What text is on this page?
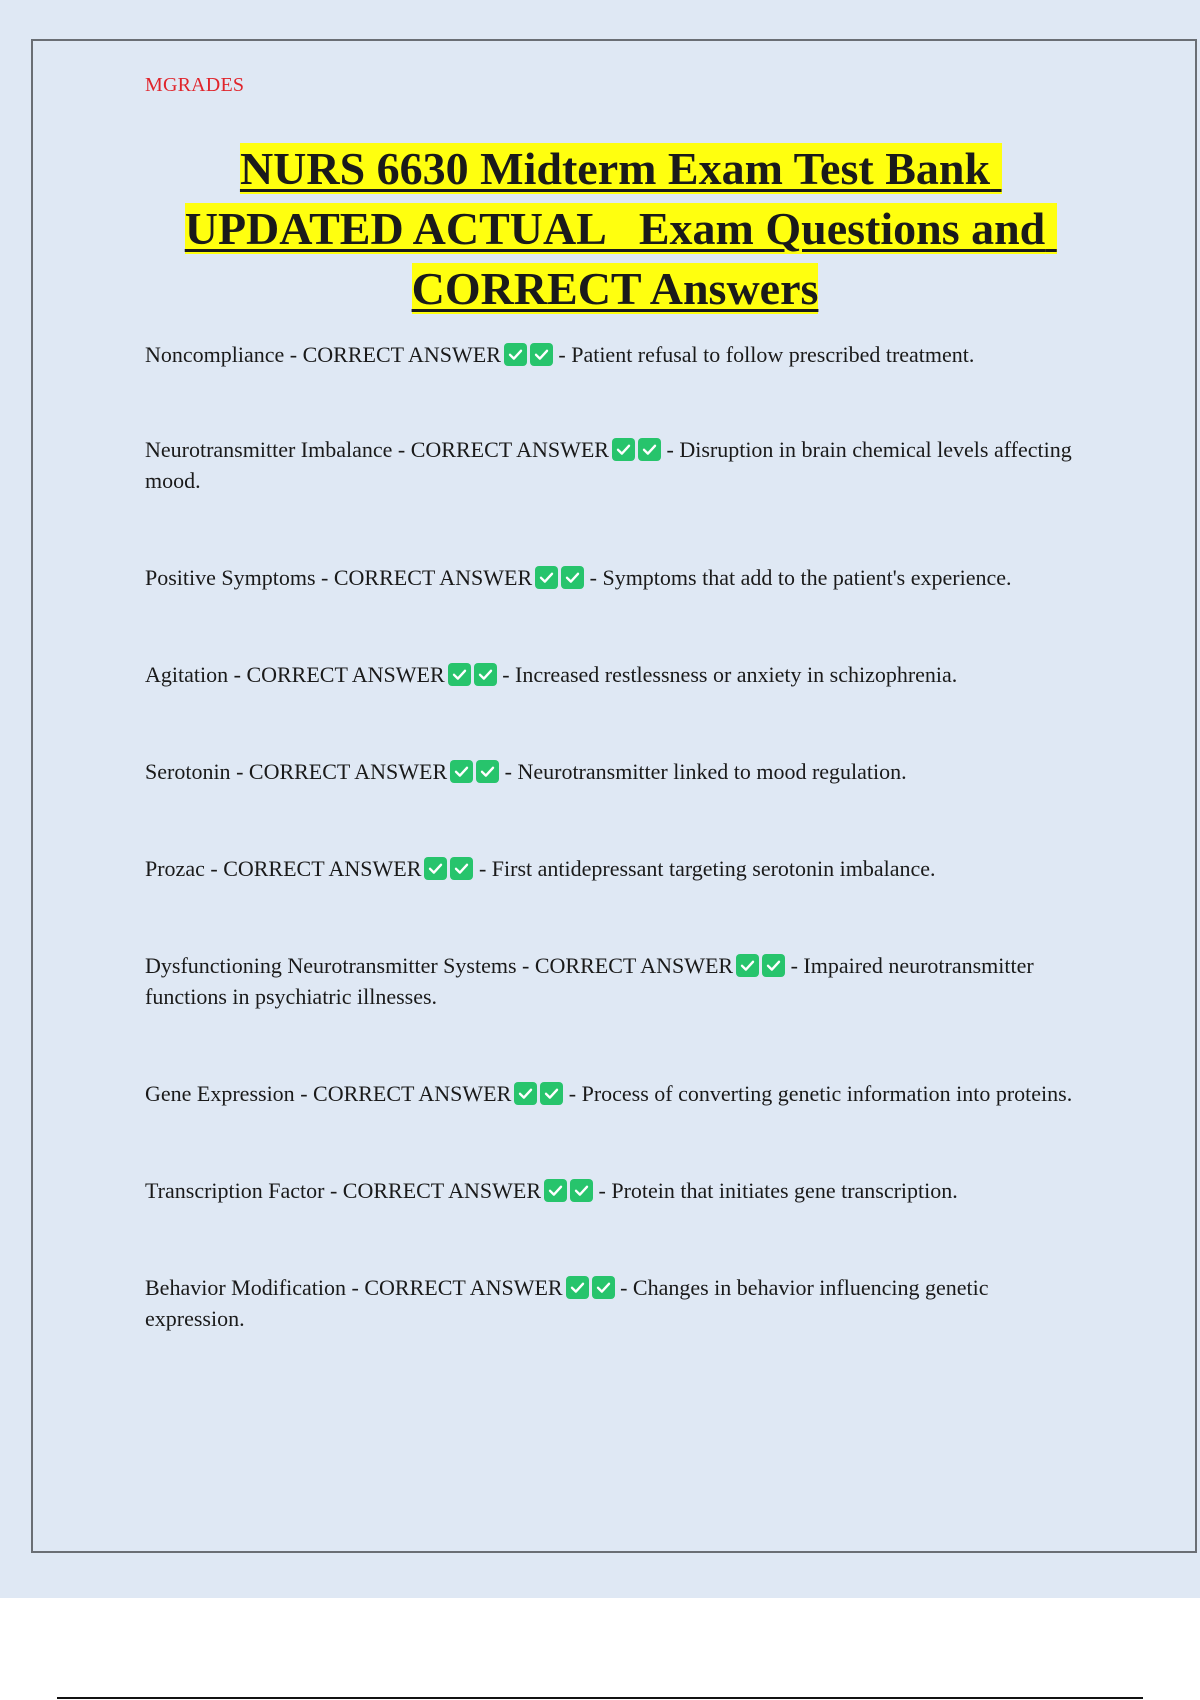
MGRADES
NURS 6630 Midterm Exam Test Bank UPDATED ACTUAL   Exam Questions and CORRECT Answers
Noncompliance - CORRECT ANSWER
- Patient refusal to follow prescribed treatment.
Neurotransmitter Imbalance - CORRECT ANSWER
- Disruption in brain chemical levels affecting mood.
Positive Symptoms - CORRECT ANSWER
- Symptoms that add to the patient's experience.
Agitation - CORRECT ANSWER
- Increased restlessness or anxiety in schizophrenia.
Serotonin - CORRECT ANSWER
- Neurotransmitter linked to mood regulation.
Prozac - CORRECT ANSWER
- First antidepressant targeting serotonin imbalance.
Dysfunctioning Neurotransmitter Systems - CORRECT ANSWER
- Impaired neurotransmitter functions in psychiatric illnesses.
Gene Expression - CORRECT ANSWER
- Process of converting genetic information into proteins.
Transcription Factor - CORRECT ANSWER
- Protein that initiates gene transcription.
Behavior Modification - CORRECT ANSWER
- Changes in behavior influencing genetic expression.
